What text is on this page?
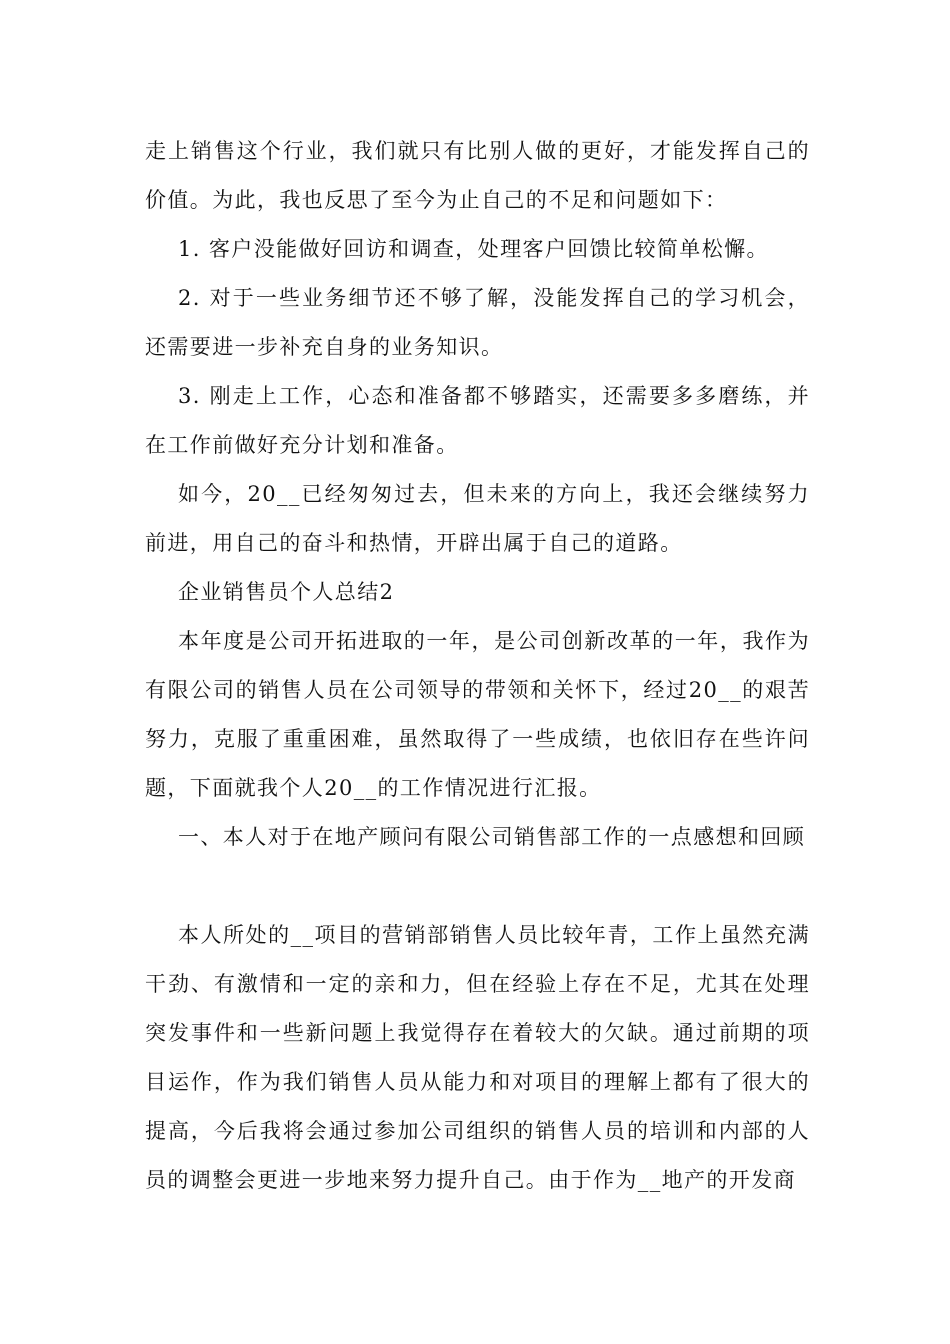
走上销售这个行业，我们就只有比别人做的更好，才能发挥自己的价值。为此，我也反思了至今为止自己的不足和问题如下：

1. 客户没能做好回访和调查，处理客户回馈比较简单松懈。

2. 对于一些业务细节还不够了解，没能发挥自己的学习机会，还需要进一步补充自身的业务知识。

3. 刚走上工作，心态和准备都不够踏实，还需要多多磨练，并在工作前做好充分计划和准备。

如今，20__已经匆匆过去，但未来的方向上，我还会继续努力前进，用自己的奋斗和热情，开辟出属于自己的道路。

企业销售员个人总结2

本年度是公司开拓进取的一年，是公司创新改革的一年，我作为有限公司的销售人员在公司领导的带领和关怀下，经过20__的艰苦努力，克服了重重困难，虽然取得了一些成绩，也依旧存在些许问题，下面就我个人20__的工作情况进行汇报。

一、本人对于在地产顾问有限公司销售部工作的一点感想和回顾

本人所处的__项目的营销部销售人员比较年青，工作上虽然充满干劲、有激情和一定的亲和力，但在经验上存在不足，尤其在处理突发事件和一些新问题上我觉得存在着较大的欠缺。通过前期的项目运作，作为我们销售人员从能力和对项目的理解上都有了很大的提高，今后我将会通过参加公司组织的销售人员的培训和内部的人员的调整会更进一步地来努力提升自己。由于作为__地产的开发商
